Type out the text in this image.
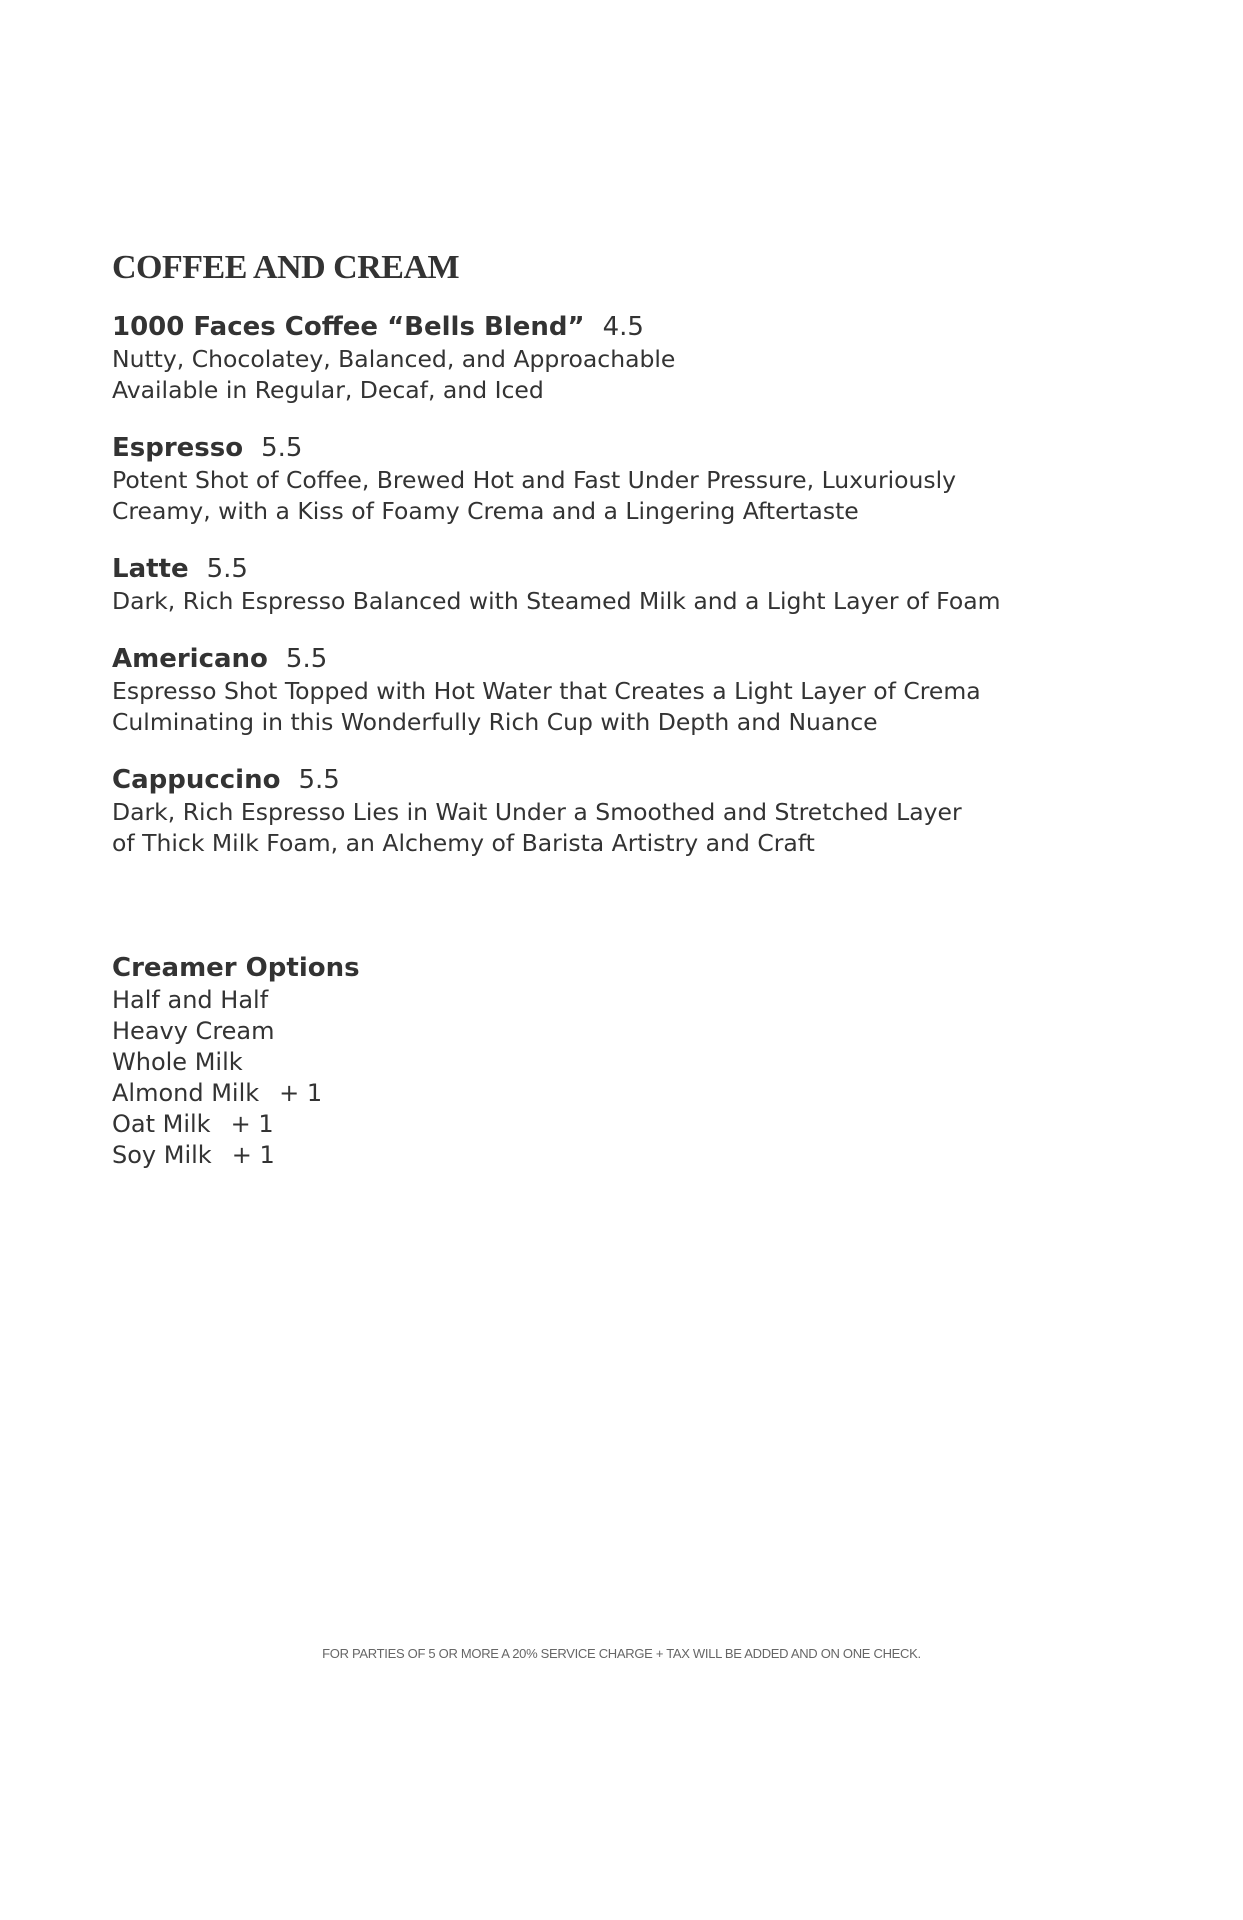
COFFEE AND CREAM
1000 Faces Coffee “Bells Blend” 4.5
Nutty, Chocolatey, Balanced, and Approachable
Available in Regular, Decaf, and Iced
Espresso 5.5
Potent Shot of Coffee, Brewed Hot and Fast Under Pressure, Luxuriously
Creamy, with a Kiss of Foamy Crema and a Lingering Aftertaste
Latte 5.5
Dark, Rich Espresso Balanced with Steamed Milk and a Light Layer of Foam
Americano 5.5
Espresso Shot Topped with Hot Water that Creates a Light Layer of Crema
Culminating in this Wonderfully Rich Cup with Depth and Nuance
Cappuccino 5.5
Dark, Rich Espresso Lies in Wait Under a Smoothed and Stretched Layer
of Thick Milk Foam, an Alchemy of Barista Artistry and Craft
Creamer Options
Half and Half
Heavy Cream
Whole Milk
Almond Milk + 1
Oat Milk + 1
Soy Milk + 1
FOR PARTIES OF 5 OR MORE A 20% SERVICE CHARGE + TAX WILL BE ADDED AND ON ONE CHECK.
